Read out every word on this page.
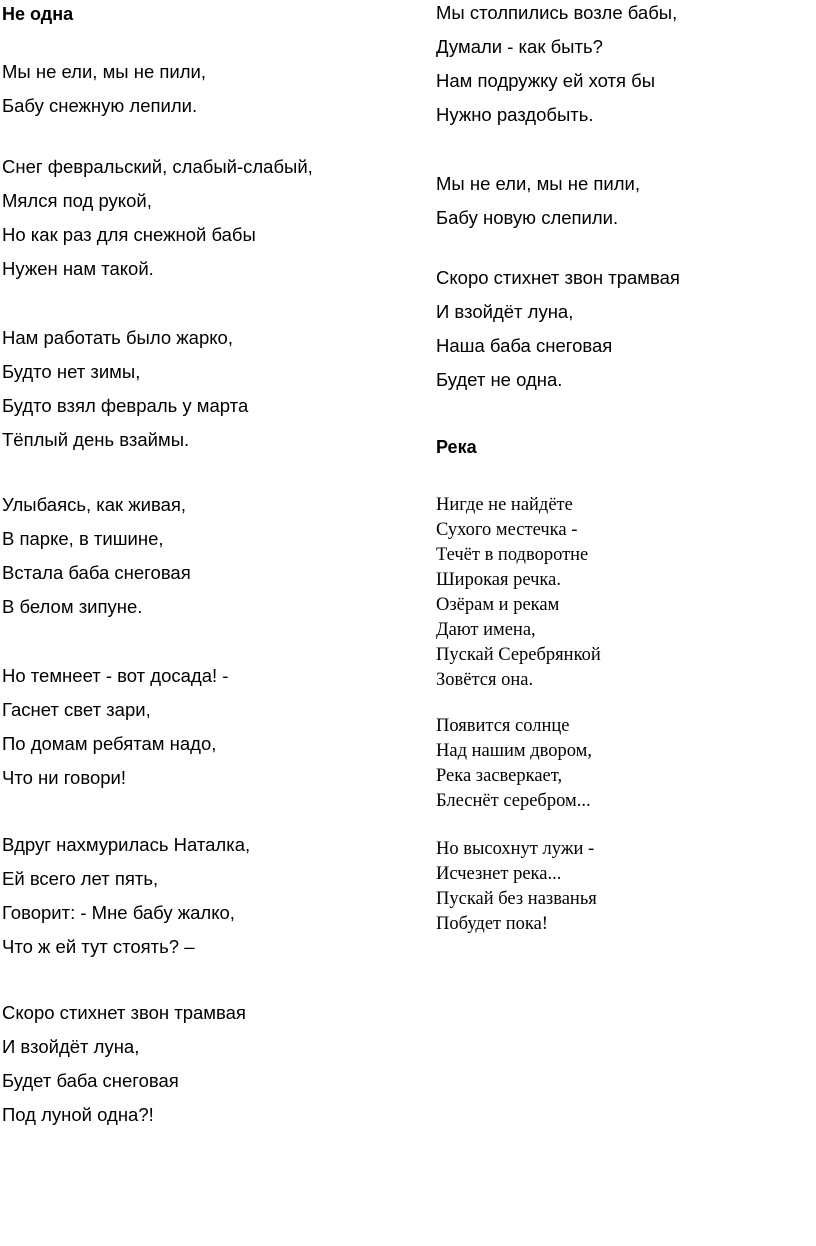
Не одна
Мы не ели, мы не пили,
Бабу снежную лепили.
Снег февральский, слабый-слабый,
Мялся под рукой,
Но как раз для снежной бабы
Нужен нам такой.
Нам работать было жарко,
Будто нет зимы,
Будто взял февраль у марта
Тёплый день взаймы.
Улыбаясь, как живая,
В парке, в тишине,
Встала баба снеговая
В белом зипуне.
Но темнеет - вот досада! -
Гаснет свет зари,
По домам ребятам надо,
Что ни говори!
Вдруг нахмурилась Наталка,
Ей всего лет пять,
Говорит: - Мне бабу жалко,
Что ж ей тут стоять? –
Скоро стихнет звон трамвая
И взойдёт луна,
Будет баба снеговая
Под луной одна?!
Мы столпились возле бабы,
Думали - как быть?
Нам подружку ей хотя бы
Нужно раздобыть.
Мы не ели, мы не пили,
Бабу новую слепили.
Скоро стихнет звон трамвая
И взойдёт луна,
Наша баба снеговая
Будет не одна.
Река
Нигде не найдёте
Сухого местечка -
Течёт в подворотне
Широкая речка.
Озёрам и рекам
Дают имена,
Пускай Серебрянкой
Зовётся она.
Появится солнце
Над нашим двором,
Река засверкает,
Блеснёт серебром...
Но высохнут лужи -
Исчезнет река...
Пускай без названья
Побудет пока!
